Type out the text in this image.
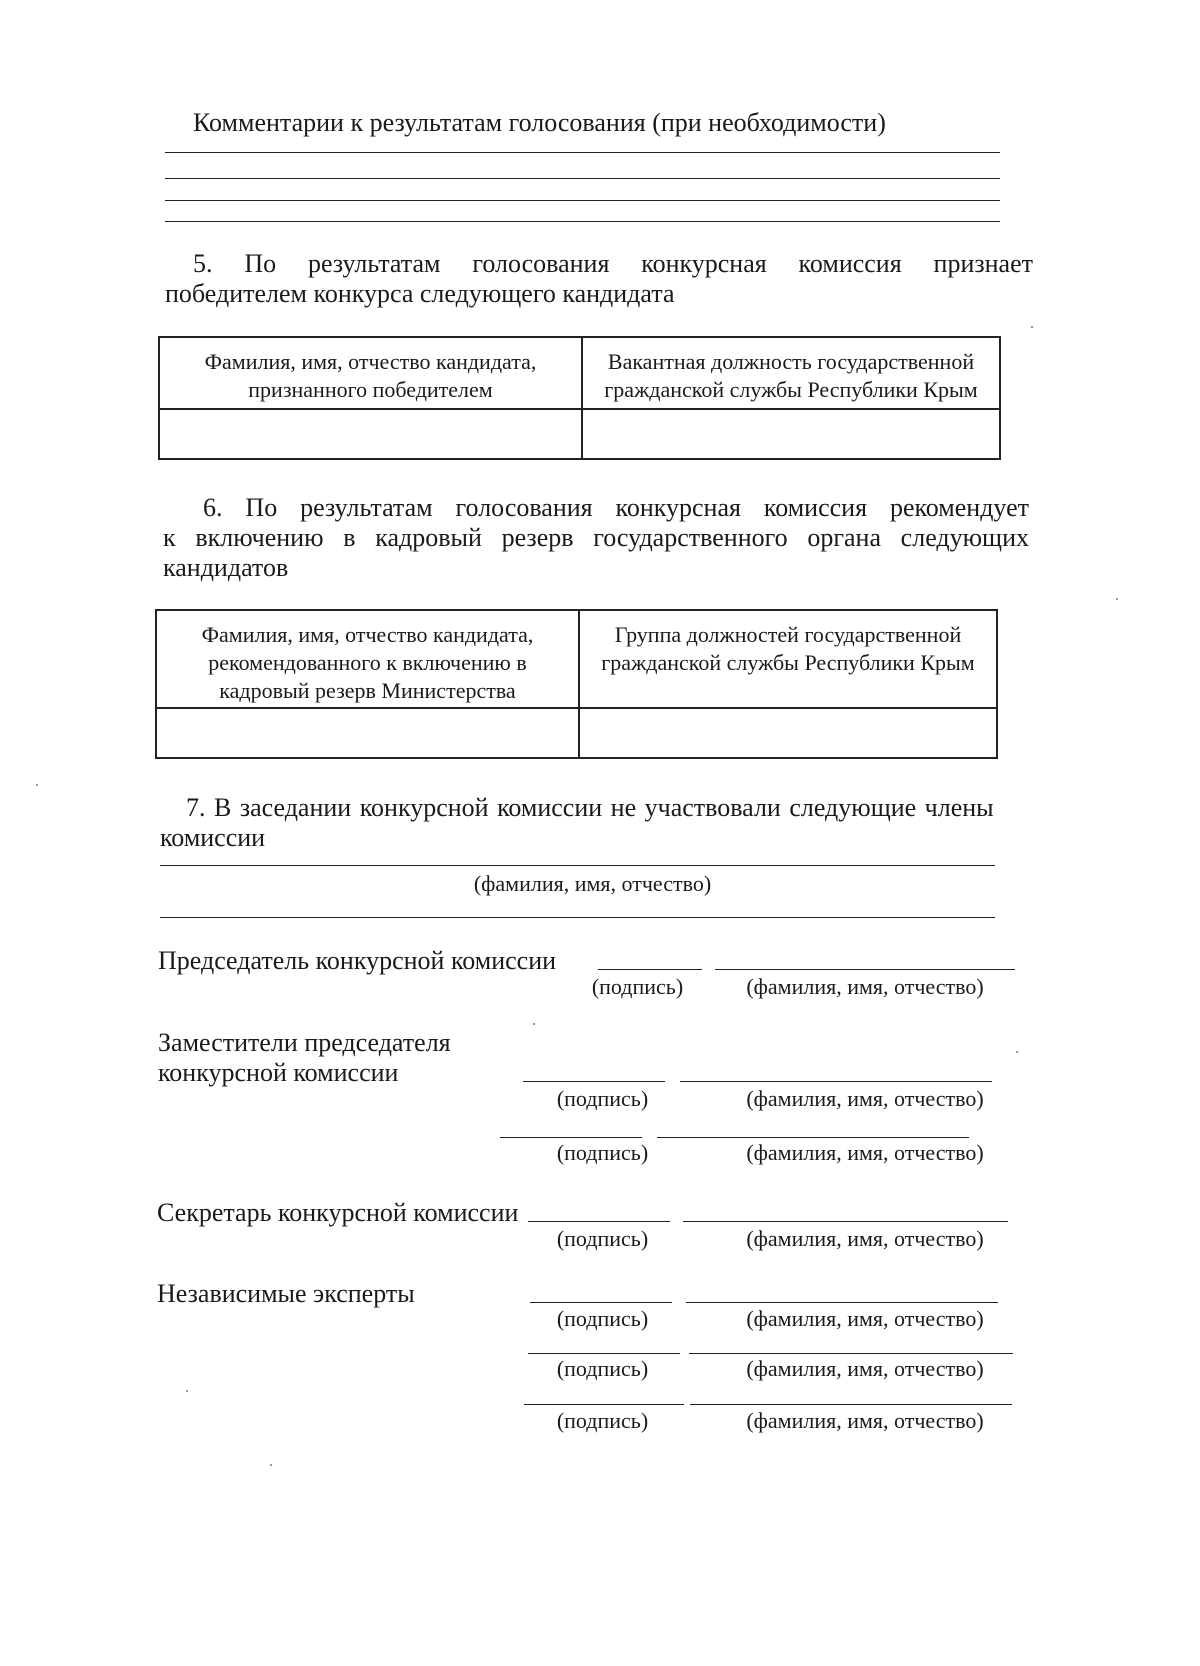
Комментарии к результатам голосования (при необходимости)
5. По результатам голосования конкурсная комиссия признает
победителем конкурса следующего кандидата
Фамилия, имя, отчество кандидата, признанного победителем	Вакантная должность государственной гражданской службы Республики Крым

6. По результатам голосования конкурсная комиссия рекомендует
к включению в кадровый резерв государственного органа следующих
кандидатов
Фамилия, имя, отчество кандидата, рекомендованного к включению в кадровый резерв Министерства	Группа должностей государственной гражданской службы Республики Крым

7. В заседании конкурсной комиссии не участвовали следующие члены
комиссии
(фамилия, имя, отчество)
Председатель конкурсной комиссии
(подпись)	(фамилия, имя, отчество)
Заместители председателя
конкурсной комиссии
(подпись)	(фамилия, имя, отчество)
(подпись)	(фамилия, имя, отчество)
Секретарь конкурсной комиссии
(подпись)	(фамилия, имя, отчество)
Независимые эксперты
(подпись)	(фамилия, имя, отчество)
(подпись)	(фамилия, имя, отчество)
(подпись)	(фамилия, имя, отчество)
